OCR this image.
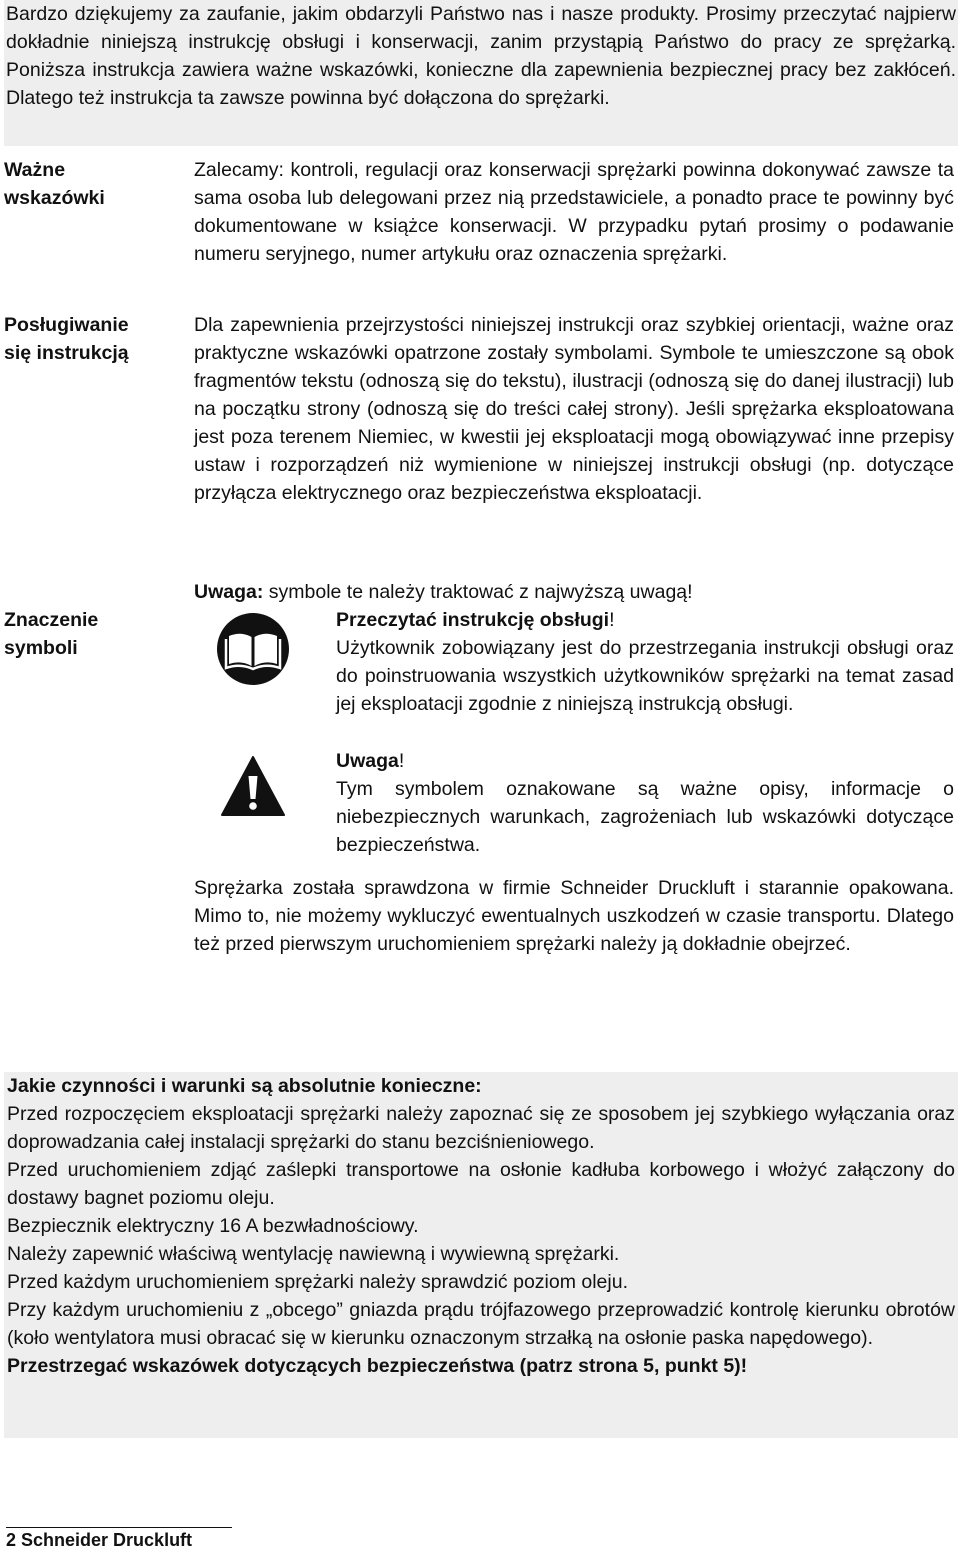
Bardzo dziękujemy za zaufanie, jakim obdarzyli Państwo nas i nasze produkty. Prosimy przeczytać najpierw dokładnie niniejszą instrukcję obsługi i konserwacji, zanim przystąpią Państwo do pracy ze sprężarką. Poniższa instrukcja zawiera ważne wskazówki, konieczne dla zapewnienia bezpiecznej pracy bez zakłóceń. Dlatego też instrukcja ta zawsze powinna być dołączona do sprężarki.
Ważne
wskazówki
Zalecamy: kontroli, regulacji oraz konserwacji sprężarki powinna dokonywać zawsze ta sama osoba lub delegowani przez nią przedstawiciele, a ponadto prace te powinny być dokumentowane w książce konserwacji. W przypadku pytań prosimy o podawanie numeru seryjnego, numer artykułu oraz oznaczenia sprężarki.
Posługiwanie
się instrukcją
Dla zapewnienia przejrzystości niniejszej instrukcji oraz szybkiej orientacji, ważne oraz praktyczne wskazówki opatrzone zostały symbolami. Symbole te umieszczone są obok fragmentów tekstu (odnoszą się do tekstu), ilustracji (odnoszą się do danej ilustracji) lub na początku strony (odnoszą się do treści całej strony). Jeśli sprężarka eksploatowana jest poza terenem Niemiec, w kwestii jej eksploatacji mogą obowiązywać inne przepisy ustaw i rozporządzeń niż wymienione w niniejszej instrukcji obsługi (np. dotyczące przyłącza elektrycznego oraz bezpieczeństwa eksploatacji.
Znaczenie
symboli
Uwaga: symbole te należy traktować z najwyższą uwagą!
Przeczytać instrukcję obsługi!
Użytkownik zobowiązany jest do przestrzegania instrukcji obsługi oraz do poinstruowania wszystkich użytkowników sprężarki na temat zasad jej eksploatacji zgodnie z niniejszą instrukcją obsługi.
Uwaga!
Tym symbolem oznakowane są ważne opisy, informacje o niebezpiecznych warunkach, zagrożeniach lub wskazówki dotyczące bezpieczeństwa.
Sprężarka została sprawdzona w firmie Schneider Druckluft i starannie opakowana. Mimo to, nie możemy wykluczyć ewentualnych uszkodzeń w czasie transportu. Dlatego też przed pierwszym uruchomieniem sprężarki należy ją dokładnie obejrzeć.

Jakie czynności i warunki są absolutnie konieczne:

Przed rozpoczęciem eksploatacji sprężarki należy zapoznać się ze sposobem jej szybkiego wyłączania oraz doprowadzania całej instalacji sprężarki do stanu bezciśnieniowego.

Przed uruchomieniem zdjąć zaślepki transportowe na osłonie kadłuba korbowego i włożyć załączony do dostawy bagnet poziomu oleju.

Bezpiecznik elektryczny 16 A bezwładnościowy.

Należy zapewnić właściwą wentylację nawiewną i wywiewną sprężarki.

Przed każdym uruchomieniem sprężarki należy sprawdzić poziom oleju.

Przy każdym uruchomieniu z „obcego” gniazda prądu trójfazowego przeprowadzić kontrolę kierunku obrotów (koło wentylatora musi obracać się w kierunku oznaczonym strzałką na osłonie paska napędowego).

Przestrzegać wskazówek dotyczących bezpieczeństwa (patrz strona 5, punkt 5)!

2 Schneider Druckluft
